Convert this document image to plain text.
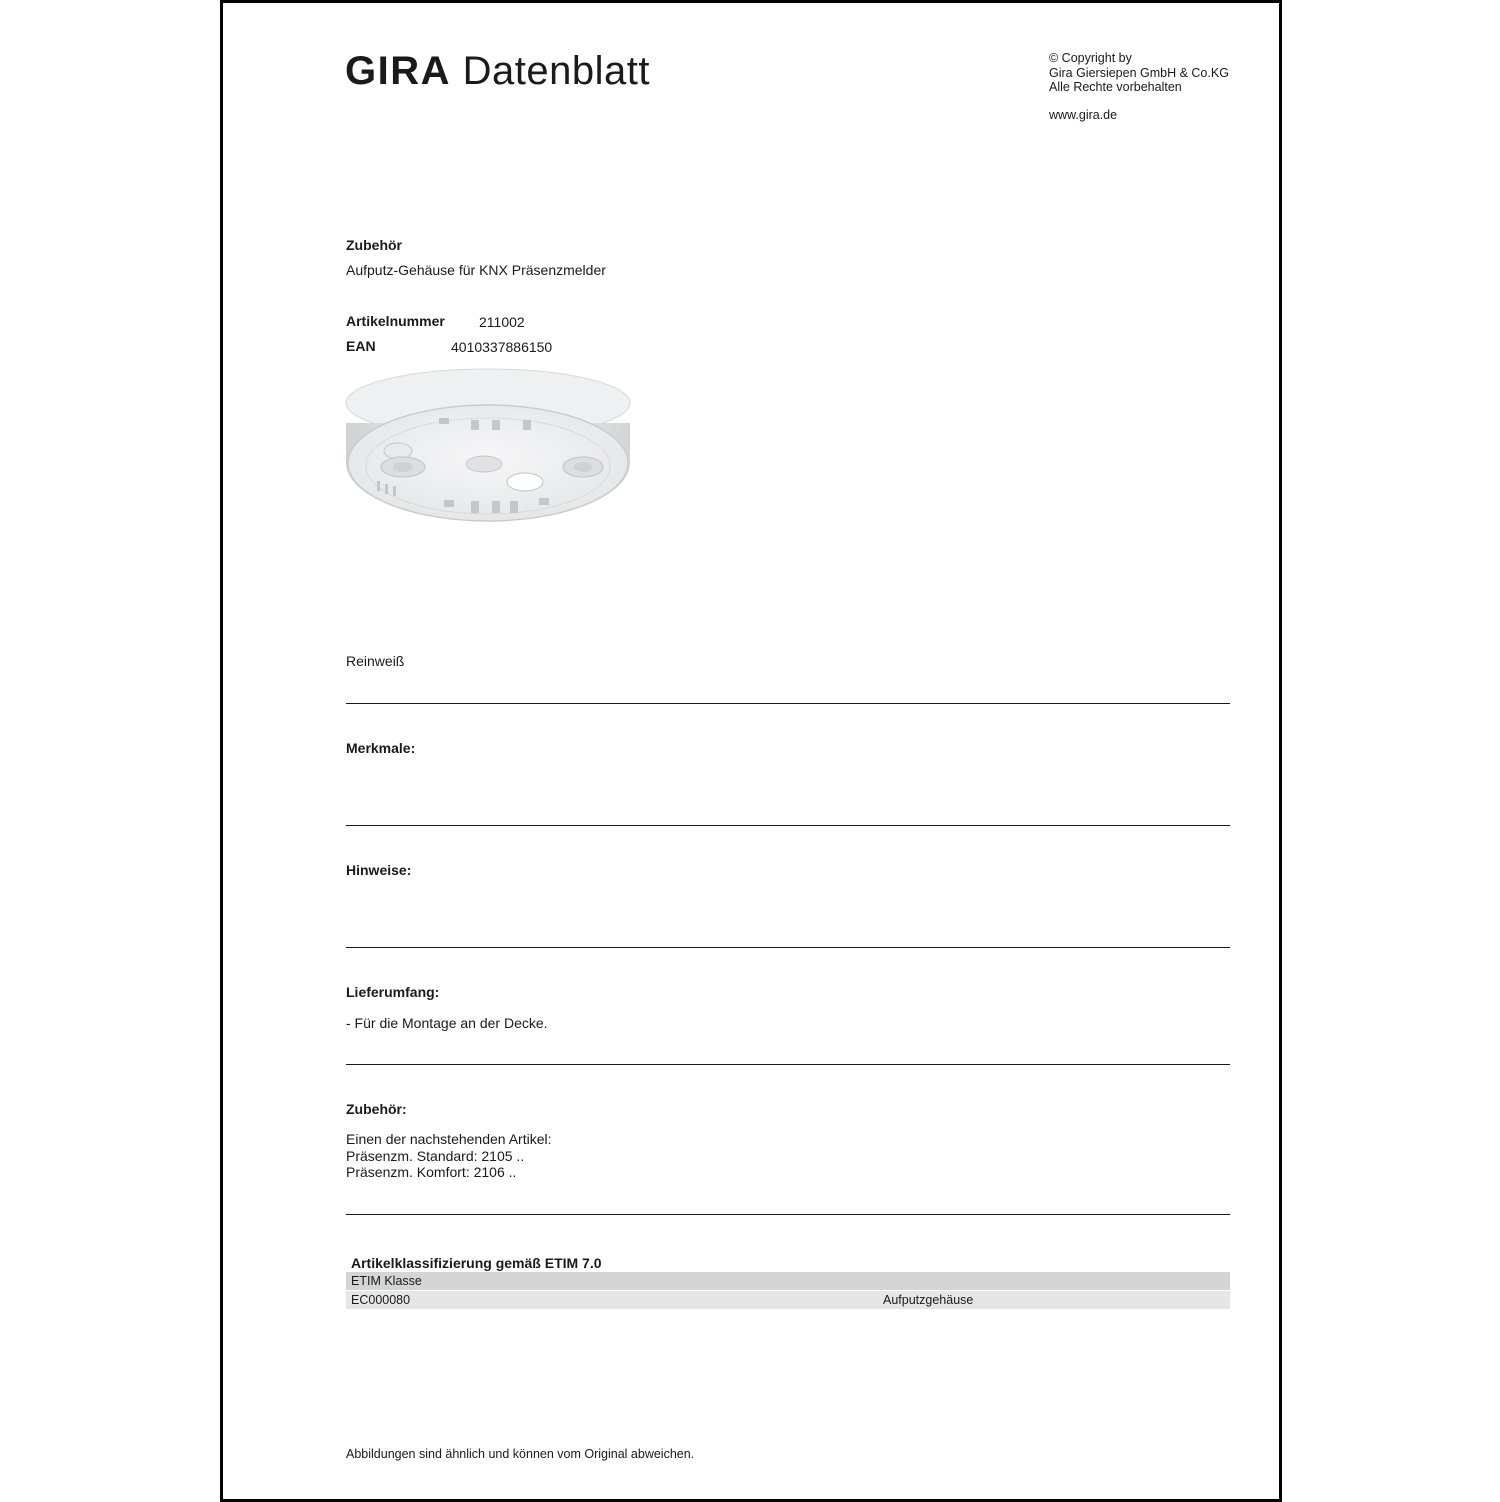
GIRA Datenblatt	© Copyright by
Gira Giersiepen GmbH & Co.KG
Alle Rechte vorbehalten
www.gira.de
Zubehör
Aufputz-Gehäuse für KNX Präsenzmelder
Artikelnummer 211002
EAN	4010337886150
Reinweiß
Merkmale:
Hinweise:
Lieferumfang:
- Für die Montage an der Decke.
Zubehör:
Einen der nachstehenden Artikel:
Präsenzm. Standard: 2105 ..
Präsenzm. Komfort: 2106 ..
Artikelklassifizierung gemäß ETIM 7.0
ETIM Klasse
EC000080	Aufputzgehäuse
Abbildungen sind ähnlich und können vom Original abweichen.
